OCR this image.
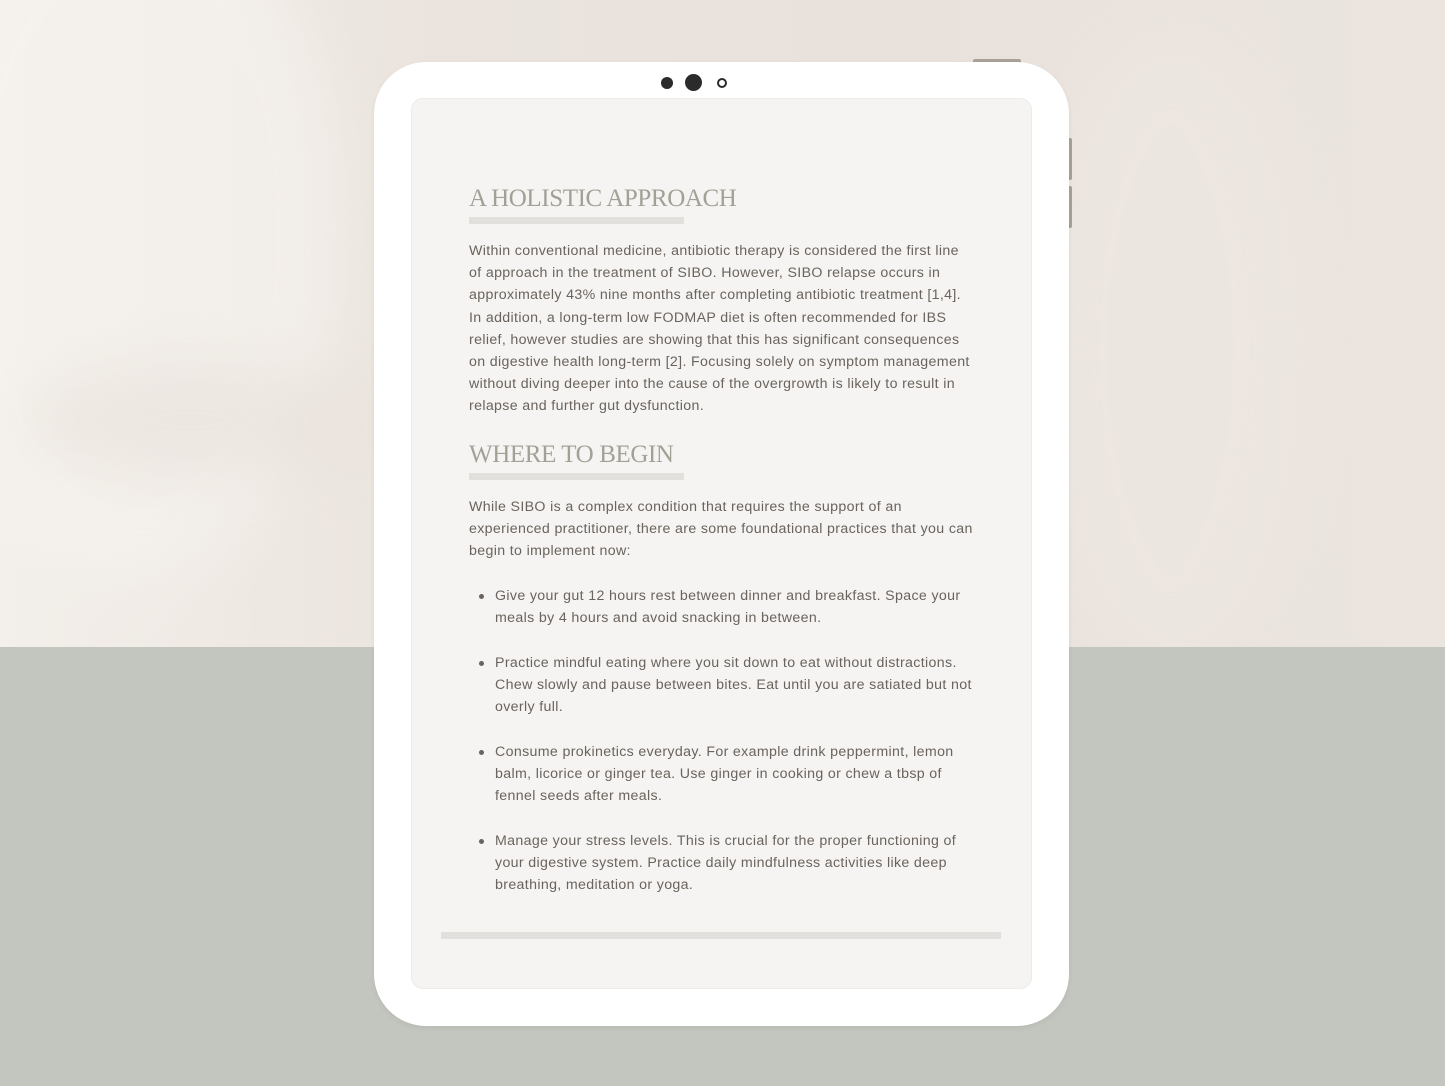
A HOLISTIC APPROACH

Within conventional medicine, antibiotic therapy is considered the first line of approach in the treatment of SIBO. However, SIBO relapse occurs in approximately 43% nine months after completing antibiotic treatment [1,4]. In addition, a long-term low FODMAP diet is often recommended for IBS relief, however studies are showing that this has significant consequences on digestive health long-term [2]. Focusing solely on symptom management without diving deeper into the cause of the overgrowth is likely to result in relapse and further gut dysfunction.

WHERE TO BEGIN

While SIBO is a complex condition that requires the support of an experienced practitioner, there are some foundational practices that you can begin to implement now:

Give your gut 12 hours rest between dinner and breakfast. Space your meals by 4 hours and avoid snacking in between.
Practice mindful eating where you sit down to eat without distractions. Chew slowly and pause between bites. Eat until you are satiated but not overly full.
Consume prokinetics everyday. For example drink peppermint, lemon balm, licorice or ginger tea. Use ginger in cooking or chew a tbsp of fennel seeds after meals.
Manage your stress levels. This is crucial for the proper functioning of your digestive system. Practice daily mindfulness activities like deep breathing, meditation or yoga.
